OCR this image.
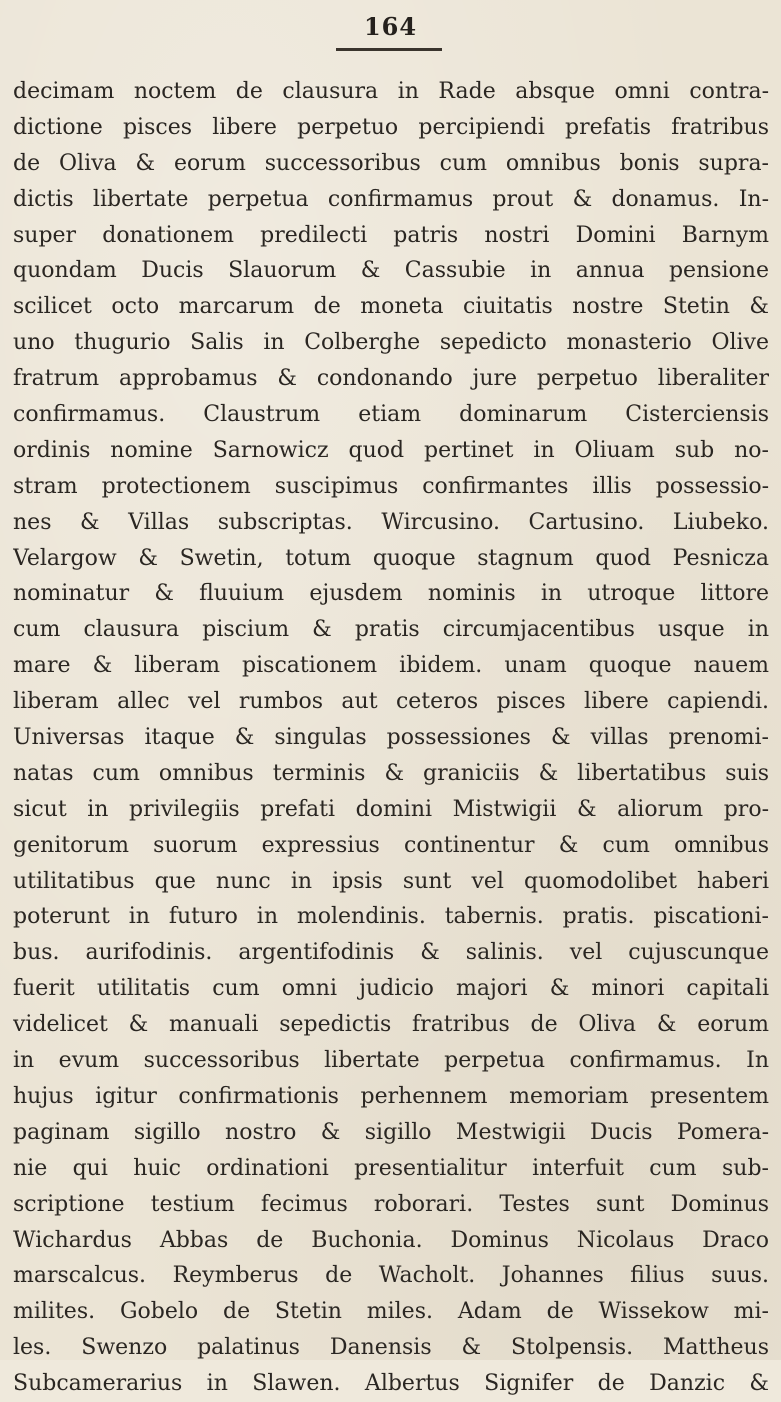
164
decimam noctem de clausura in Rade absque omni contra-
dictione pisces libere perpetuo percipiendi prefatis fratribus
de Oliva & eorum successoribus cum omnibus bonis supra-
dictis libertate perpetua confirmamus prout & donamus. In-
super donationem predilecti patris nostri Domini Barnym
quondam Ducis Slauorum & Cassubie in annua pensione
scilicet octo marcarum de moneta ciuitatis nostre Stetin &
uno thugurio Salis in Colberghe sepedicto monasterio Olive
fratrum approbamus & condonando jure perpetuo liberaliter
confirmamus. Claustrum etiam dominarum Cisterciensis
ordinis nomine Sarnowicz quod pertinet in Oliuam sub no-
stram protectionem suscipimus confirmantes illis possessio-
nes & Villas subscriptas. Wircusino. Cartusino. Liubeko.
Velargow & Swetin, totum quoque stagnum quod Pesnicza
nominatur & fluuium ejusdem nominis in utroque littore
cum clausura piscium & pratis circumjacentibus usque in
mare & liberam piscationem ibidem. unam quoque nauem
liberam allec vel rumbos aut ceteros pisces libere capiendi.
Universas itaque & singulas possessiones & villas prenomi-
natas cum omnibus terminis & graniciis & libertatibus suis
sicut in privilegiis prefati domini Mistwigii & aliorum pro-
genitorum suorum expressius continentur & cum omnibus
utilitatibus que nunc in ipsis sunt vel quomodolibet haberi
poterunt in futuro in molendinis. tabernis. pratis. piscationi-
bus. aurifodinis. argentifodinis & salinis. vel cujuscunque
fuerit utilitatis cum omni judicio majori & minori capitali
videlicet & manuali sepedictis fratribus de Oliva & eorum
in evum successoribus libertate perpetua confirmamus. In
hujus igitur confirmationis perhennem memoriam presentem
paginam sigillo nostro & sigillo Mestwigii Ducis Pomera-
nie qui huic ordinationi presentialitur interfuit cum sub-
scriptione testium fecimus roborari. Testes sunt Dominus
Wichardus Abbas de Buchonia. Dominus Nicolaus Draco
marscalcus. Reymberus de Wacholt. Johannes filius suus.
milites. Gobelo de Stetin miles. Adam de Wissekow mi-
les. Swenzo palatinus Danensis & Stolpensis. Mattheus
Subcamerarius in Slawen. Albertus Signifer de Danzic &
